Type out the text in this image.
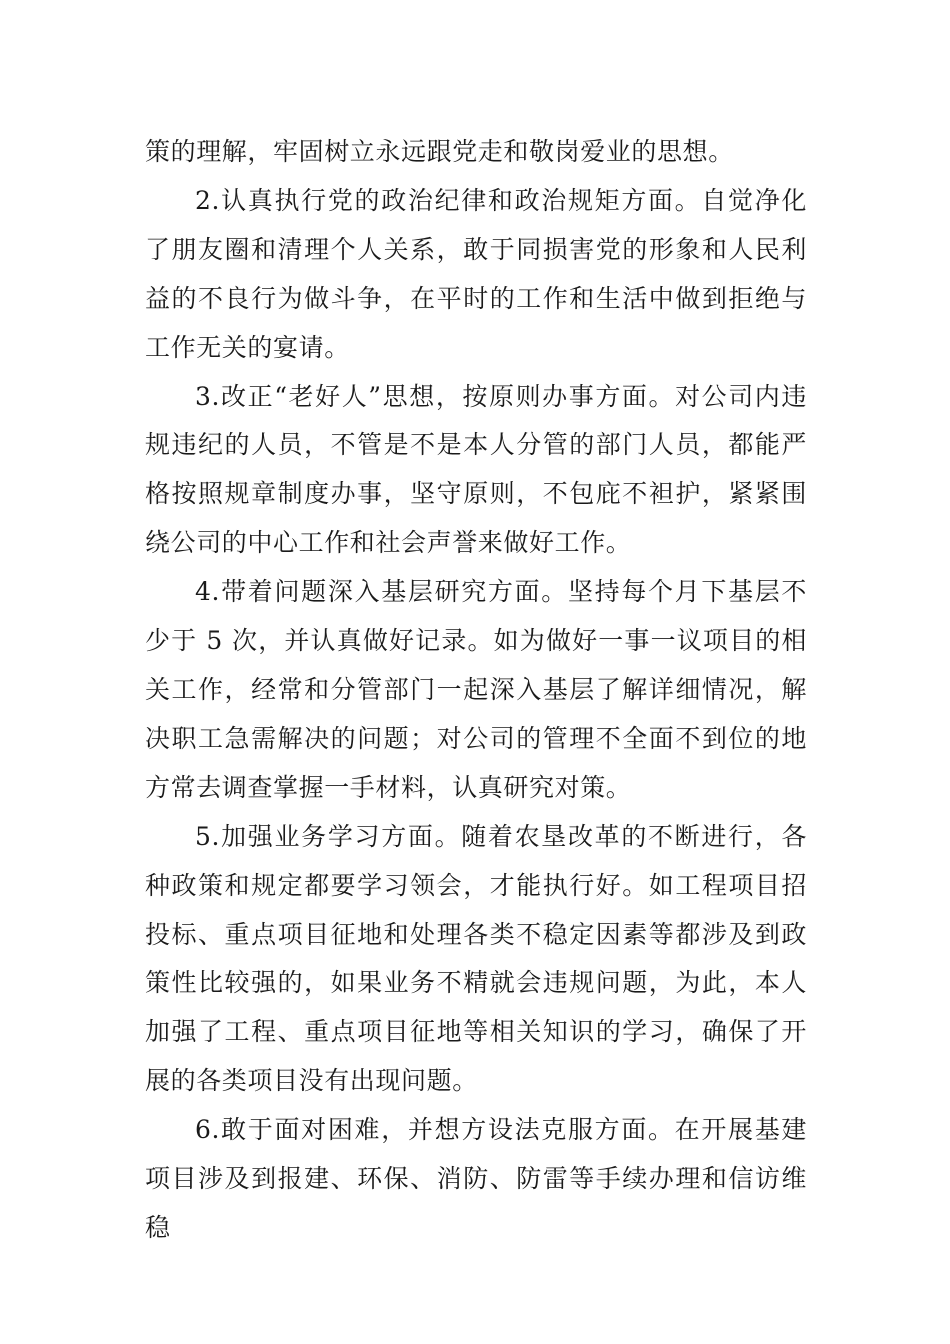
策的理解，牢固树立永远跟党走和敬岗爱业的思想。

2.认真执行党的政治纪律和政治规矩方面。自觉净化了朋友圈和清理个人关系，敢于同损害党的形象和人民利益的不良行为做斗争，在平时的工作和生活中做到拒绝与工作无关的宴请。

3.改正“老好人”思想，按原则办事方面。对公司内违规违纪的人员，不管是不是本人分管的部门人员，都能严格按照规章制度办事，坚守原则，不包庇不袒护，紧紧围绕公司的中心工作和社会声誉来做好工作。

4.带着问题深入基层研究方面。坚持每个月下基层不少于 5 次，并认真做好记录。如为做好一事一议项目的相关工作，经常和分管部门一起深入基层了解详细情况，解决职工急需解决的问题；对公司的管理不全面不到位的地方常去调查掌握一手材料，认真研究对策。

5.加强业务学习方面。随着农垦改革的不断进行，各种政策和规定都要学习领会，才能执行好。如工程项目招投标、重点项目征地和处理各类不稳定因素等都涉及到政策性比较强的，如果业务不精就会违规问题，为此，本人加强了工程、重点项目征地等相关知识的学习，确保了开展的各类项目没有出现问题。

6.敢于面对困难，并想方设法克服方面。在开展基建项目涉及到报建、环保、消防、防雷等手续办理和信访维稳
